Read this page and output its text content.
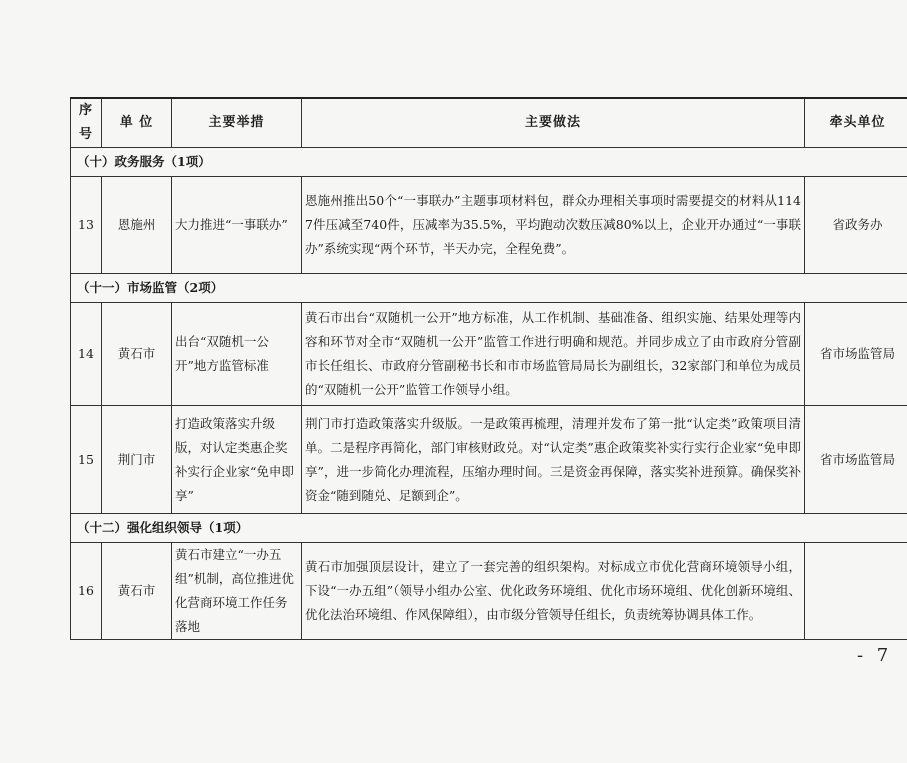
序 号	单 位	主要举措	主要做法	牵头单位
（十）政务服务（1项）				
13	恩施州	大力推进“一事联办”	恩施州推出50个“一事联办”主题事项材料包，群众办理相关事项时需要提交的材料从1147件压减至740件，压减率为35.5%，平均跑动次数压减80%以上，企业开办通过“一事联办”系统实现“两个环节，半天办完，全程免费”。	省政务办
（十一）市场监管（2项）				
14	黄石市	出台“双随机一公开”地方监管标准	黄石市出台“双随机一公开”地方标准，从工作机制、基础准备、组织实施、结果处理等内容和环节对全市“双随机一公开”监管工作进行明确和规范。并同步成立了由市政府分管副市长任组长、市政府分管副秘书长和市市场监管局局长为副组长，32家部门和单位为成员的“双随机一公开”监管工作领导小组。	省市场监管局
15	荆门市	打造政策落实升级版，对认定类惠企奖补实行企业家“免申即享”	荆门市打造政策落实升级版。一是政策再梳理，清理并发布了第一批“认定类”政策项目清单。二是程序再简化，部门审核财政兑。对“认定类”惠企政策奖补实行实行企业家“免申即享”，进一步简化办理流程，压缩办理时间。三是资金再保障，落实奖补进预算。确保奖补资金“随到随兑、足额到企”。	省市场监管局
（十二）强化组织领导（1项）				
16	黄石市	黄石市建立“一办五组”机制，高位推进优化营商环境工作任务落地	黄石市加强顶层设计，建立了一套完善的组织架构。对标成立市优化营商环境领导小组，下设“一办五组”（领导小组办公室、优化政务环境组、优化市场环境组、优化创新环境组、优化法治环境组、作风保障组），由市级分管领导任组长，负责统筹协调具体工作。	
- 7
